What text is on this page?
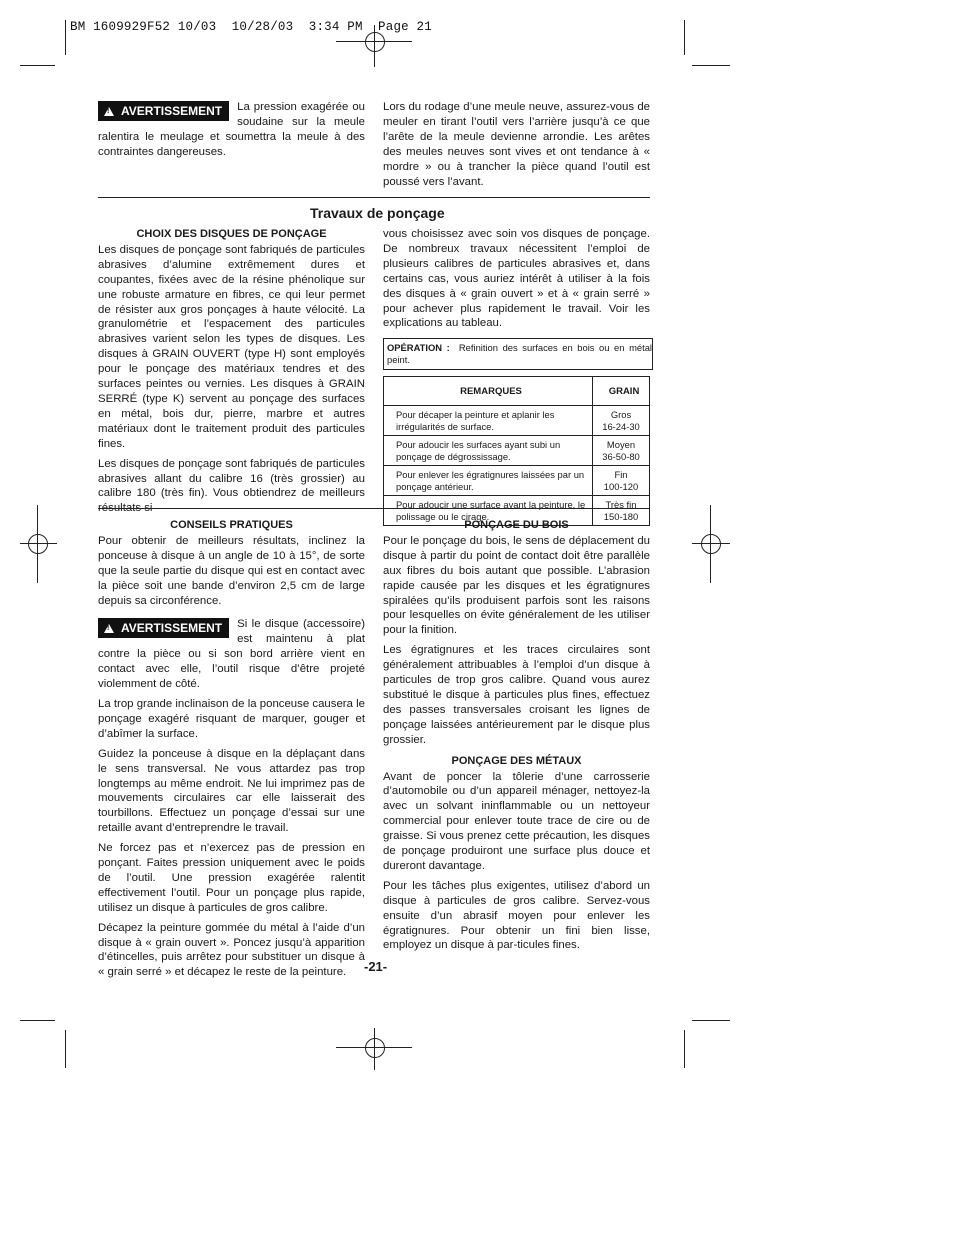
BM 1609929F52 10/03  10/28/03  3:34 PM  Page 21

!AVERTISSEMENT	La pression exagérée ou soudaine sur la meule ralentira le meulage et soumettra la meule à des contraintes dangereuses.

Lors du rodage d’une meule neuve, assurez-vous de meuler en tirant l’outil vers l’arrière jusqu’à ce que l’arête de la meule devienne arrondie. Les arêtes des meules neuves sont vives et ont tendance à « mordre » ou à trancher la pièce quand l’outil est poussé vers l’avant.

Travaux de ponçage
CHOIX DES DISQUES DE PONÇAGE

Les disques de ponçage sont fabriqués de particules abrasives d’alumine extrêmement dures et coupantes, fixées avec de la résine phénolique sur une robuste armature en fibres, ce qui leur permet de résister aux gros ponçages à haute vélocité. La granulométrie et l’espacement des particules abrasives varient selon les types de disques. Les disques à GRAIN OUVERT (type H) sont employés pour le ponçage des matériaux tendres et des surfaces peintes ou vernies. Les disques à GRAIN SERRÉ (type K) servent au ponçage des surfaces en métal, bois dur, pierre, marbre et autres matériaux dont le traitement produit des particules fines.

Les disques de ponçage sont fabriqués de particules abrasives allant du calibre 16 (très grossier) au calibre 180 (très fin). Vous obtiendrez de meilleurs résultats si

vous choisissez avec soin vos disques de ponçage. De nombreux travaux nécessitent l’emploi de plusieurs calibres de particules abrasives et, dans certains cas, vous auriez intérêt à utiliser à la fois des disques à « grain ouvert » et à « grain serré » pour achever plus rapidement le travail. Voir les explications au tableau.

OPÉRATION : Refinition des surfaces en bois ou en métal peint.
REMARQUES	GRAIN
Pour décaper la peinture et aplanir les irrégularités de surface.	Gros
16-24-30
Pour adoucir les surfaces ayant subi un ponçage de dégrossissage.	Moyen
36-50-80
Pour enlever les égratignures laissées par un ponçage antérieur.	Fin
100-120
Pour adoucir une surface avant la peinture, le polissage ou le cirage.	Très fin
150-180
CONSEILS PRATIQUES

Pour obtenir de meilleurs résultats, inclinez la ponceuse à disque à un angle de 10 à 15°, de sorte que la seule partie du disque qui est en contact avec la pièce soit une bande d’environ 2,5 cm de large depuis sa circonférence.

!AVERTISSEMENT	Si le disque (accessoire) est maintenu à plat contre la pièce ou si son bord arrière vient en contact avec elle, l’outil risque d’être projeté violemment de côté.

La trop grande inclinaison de la ponceuse causera le ponçage exagéré risquant de marquer, gouger et d’abîmer la surface.

Guidez la ponceuse à disque en la déplaçant dans le sens transversal. Ne vous attardez pas trop longtemps au même endroit. Ne lui imprimez pas de mouvements circulaires car elle laisserait des tourbillons. Effectuez un ponçage d’essai sur une retaille avant d’entreprendre le travail.

Ne forcez pas et n’exercez pas de pression en ponçant. Faites pression uniquement avec le poids de l’outil. Une pression exagérée ralentit effectivement l’outil. Pour un ponçage plus rapide, utilisez un disque à particules de gros calibre.

Décapez la peinture gommée du métal à l’aide d’un disque à « grain ouvert ». Poncez jusqu’à apparition d’étincelles, puis arrêtez pour substituer un disque à « grain serré » et décapez le reste de la peinture.

PONÇAGE DU BOIS

Pour le ponçage du bois, le sens de déplacement du disque à partir du point de contact doit être parallèle aux fibres du bois autant que possible. L’abrasion rapide causée par les disques et les égratignures spiralées qu’ils produisent parfois sont les raisons pour lesquelles on évite généralement de les utiliser pour la finition.

Les égratignures et les traces circulaires sont généralement attribuables à l’emploi d’un disque à particules de trop gros calibre. Quand vous aurez substitué le disque à particules plus fines, effectuez des passes transversales croisant les lignes de ponçage laissées antérieurement par le disque plus grossier.

PONÇAGE DES MÉTAUX

Avant de poncer la tôlerie d’une carrosserie d’automobile ou d’un appareil ménager, nettoyez-la avec un solvant ininflammable ou un nettoyeur commercial pour enlever toute trace de cire ou de graisse. Si vous prenez cette précaution, les disques de ponçage produiront une surface plus douce et dureront davantage.

Pour les tâches plus exigentes, utilisez d’abord un disque à particules de gros calibre. Servez-vous ensuite d’un abrasif moyen pour enlever les égratignures. Pour obtenir un fini bien lisse, employez un disque à par-ticules fines.

-21-
